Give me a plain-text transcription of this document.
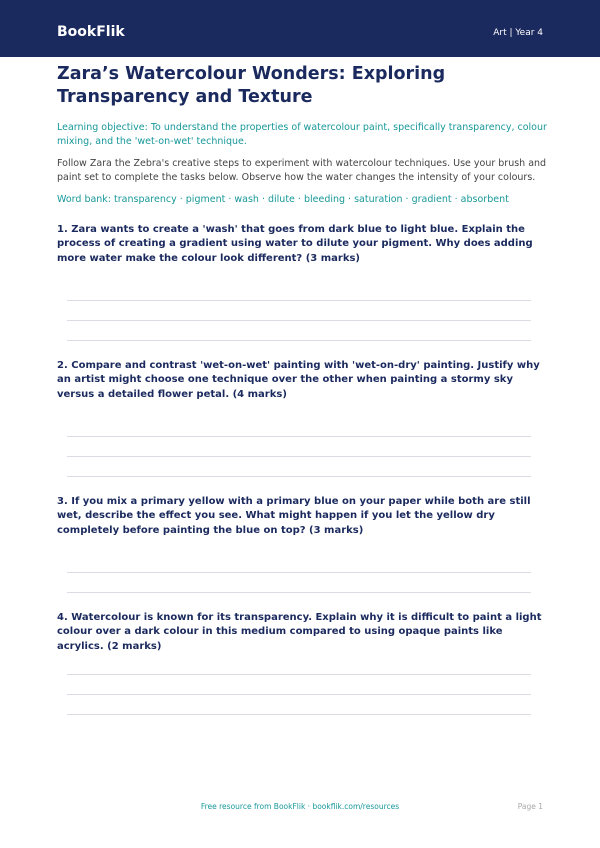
BookFlik	Art | Year 4
Zara’s Watercolour Wonders: Exploring Transparency and Texture

Learning objective: To understand the properties of watercolour paint, specifically transparency, colour mixing, and the 'wet-on-wet' technique.

Follow Zara the Zebra's creative steps to experiment with watercolour techniques. Use your brush and paint set to complete the tasks below. Observe how the water changes the intensity of your colours.

Word bank: transparency · pigment · wash · dilute · bleeding · saturation · gradient · absorbent

1. Zara wants to create a 'wash' that goes from dark blue to light blue. Explain the process of creating a gradient using water to dilute your pigment. Why does adding more water make the colour look different? (3 marks)

2. Compare and contrast 'wet-on-wet' painting with 'wet-on-dry' painting. Justify why an artist might choose one technique over the other when painting a stormy sky versus a detailed flower petal. (4 marks)

3. If you mix a primary yellow with a primary blue on your paper while both are still wet, describe the effect you see. What might happen if you let the yellow dry completely before painting the blue on top? (3 marks)

4. Watercolour is known for its transparency. Explain why it is difficult to paint a light colour over a dark colour in this medium compared to using opaque paints like acrylics. (2 marks)

Free resource from BookFlik · bookflik.com/resources	Page 1
